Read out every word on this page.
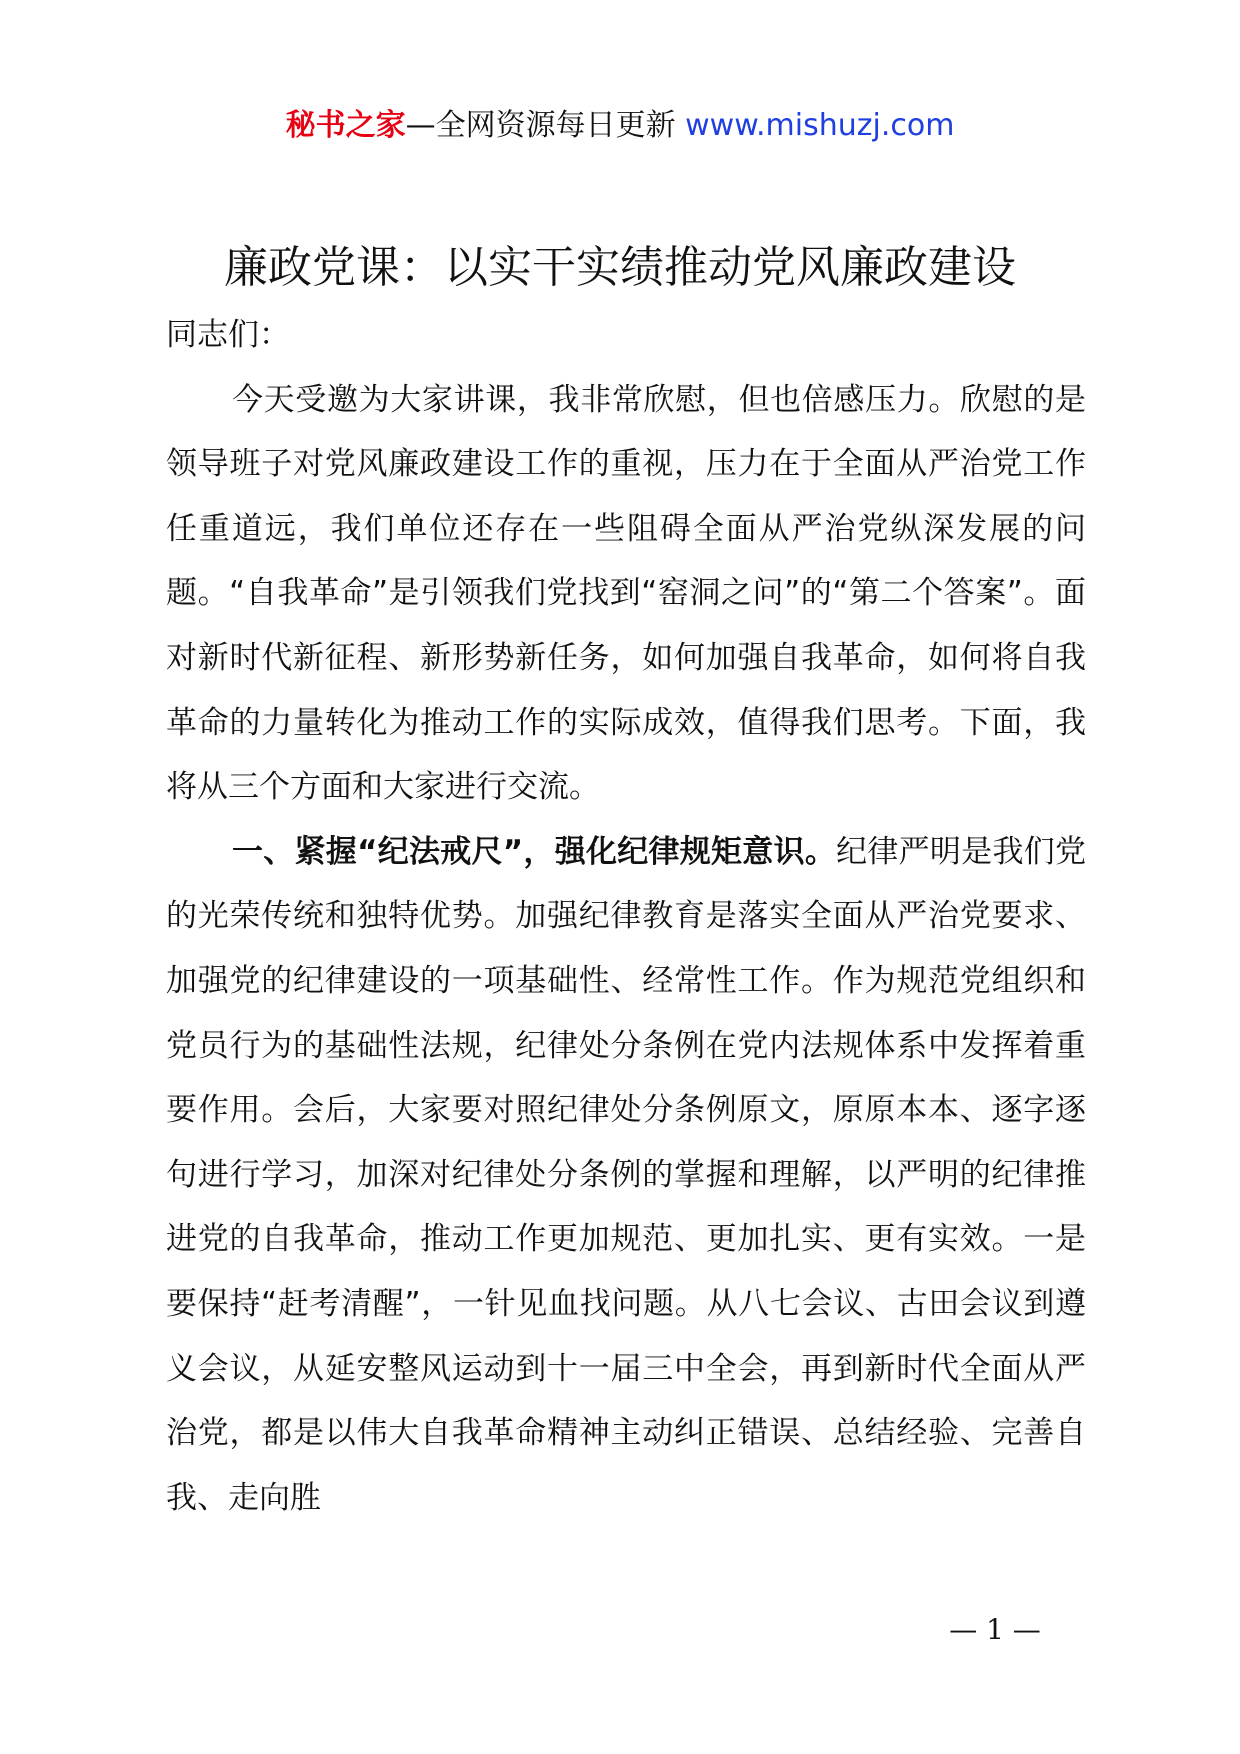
秘书之家—全网资源每日更新 www.mishuzj.com
廉政党课：以实干实绩推动党风廉政建设

同志们：

今天受邀为大家讲课，我非常欣慰，但也倍感压力。欣慰的是领导班子对党风廉政建设工作的重视，压力在于全面从严治党工作任重道远，我们单位还存在一些阻碍全面从严治党纵深发展的问题。“自我革命”是引领我们党找到“窑洞之问”的“第二个答案”。面对新时代新征程、新形势新任务，如何加强自我革命，如何将自我革命的力量转化为推动工作的实际成效，值得我们思考。下面，我将从三个方面和大家进行交流。

一、紧握“纪法戒尺”，强化纪律规矩意识。纪律严明是我们党的光荣传统和独特优势。加强纪律教育是落实全面从严治党要求、加强党的纪律建设的一项基础性、经常性工作。作为规范党组织和党员行为的基础性法规，纪律处分条例在党内法规体系中发挥着重要作用。会后，大家要对照纪律处分条例原文，原原本本、逐字逐句进行学习，加深对纪律处分条例的掌握和理解，以严明的纪律推进党的自我革命，推动工作更加规范、更加扎实、更有实效。一是要保持“赶考清醒”，一针见血找问题。从八七会议、古田会议到遵义会议，从延安整风运动到十一届三中全会，再到新时代全面从严治党，都是以伟大自我革命精神主动纠正错误、总结经验、完善自我、走向胜

— 1 —
